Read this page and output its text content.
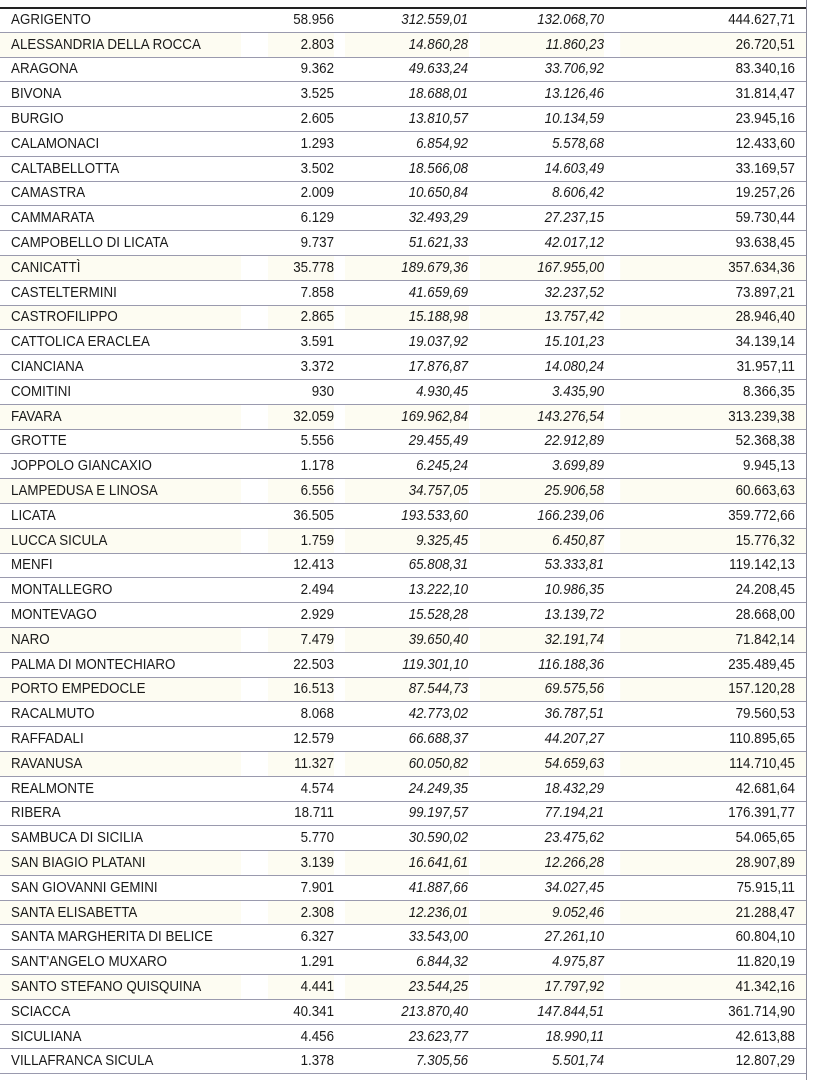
AGRIGENTO	58.956	312.559,01	132.068,70	444.627,71
ALESSANDRIA DELLA ROCCA	2.803	14.860,28	11.860,23	26.720,51
ARAGONA	9.362	49.633,24	33.706,92	83.340,16
BIVONA	3.525	18.688,01	13.126,46	31.814,47
BURGIO	2.605	13.810,57	10.134,59	23.945,16
CALAMONACI	1.293	6.854,92	5.578,68	12.433,60
CALTABELLOTTA	3.502	18.566,08	14.603,49	33.169,57
CAMASTRA	2.009	10.650,84	8.606,42	19.257,26
CAMMARATA	6.129	32.493,29	27.237,15	59.730,44
CAMPOBELLO DI LICATA	9.737	51.621,33	42.017,12	93.638,45
CANICATTÌ	35.778	189.679,36	167.955,00	357.634,36
CASTELTERMINI	7.858	41.659,69	32.237,52	73.897,21
CASTROFILIPPO	2.865	15.188,98	13.757,42	28.946,40
CATTOLICA ERACLEA	3.591	19.037,92	15.101,23	34.139,14
CIANCIANA	3.372	17.876,87	14.080,24	31.957,11
COMITINI	930	4.930,45	3.435,90	8.366,35
FAVARA	32.059	169.962,84	143.276,54	313.239,38
GROTTE	5.556	29.455,49	22.912,89	52.368,38
JOPPOLO GIANCAXIO	1.178	6.245,24	3.699,89	9.945,13
LAMPEDUSA E LINOSA	6.556	34.757,05	25.906,58	60.663,63
LICATA	36.505	193.533,60	166.239,06	359.772,66
LUCCA SICULA	1.759	9.325,45	6.450,87	15.776,32
MENFI	12.413	65.808,31	53.333,81	119.142,13
MONTALLEGRO	2.494	13.222,10	10.986,35	24.208,45
MONTEVAGO	2.929	15.528,28	13.139,72	28.668,00
NARO	7.479	39.650,40	32.191,74	71.842,14
PALMA DI MONTECHIARO	22.503	119.301,10	116.188,36	235.489,45
PORTO EMPEDOCLE	16.513	87.544,73	69.575,56	157.120,28
RACALMUTO	8.068	42.773,02	36.787,51	79.560,53
RAFFADALI	12.579	66.688,37	44.207,27	110.895,65
RAVANUSA	11.327	60.050,82	54.659,63	114.710,45
REALMONTE	4.574	24.249,35	18.432,29	42.681,64
RIBERA	18.711	99.197,57	77.194,21	176.391,77
SAMBUCA DI SICILIA	5.770	30.590,02	23.475,62	54.065,65
SAN BIAGIO PLATANI	3.139	16.641,61	12.266,28	28.907,89
SAN GIOVANNI GEMINI	7.901	41.887,66	34.027,45	75.915,11
SANTA ELISABETTA	2.308	12.236,01	9.052,46	21.288,47
SANTA MARGHERITA DI BELICE	6.327	33.543,00	27.261,10	60.804,10
SANT'ANGELO MUXARO	1.291	6.844,32	4.975,87	11.820,19
SANTO STEFANO QUISQUINA	4.441	23.544,25	17.797,92	41.342,16
SCIACCA	40.341	213.870,40	147.844,51	361.714,90
SICULIANA	4.456	23.623,77	18.990,11	42.613,88
VILLAFRANCA SICULA	1.378	7.305,56	5.501,74	12.807,29
